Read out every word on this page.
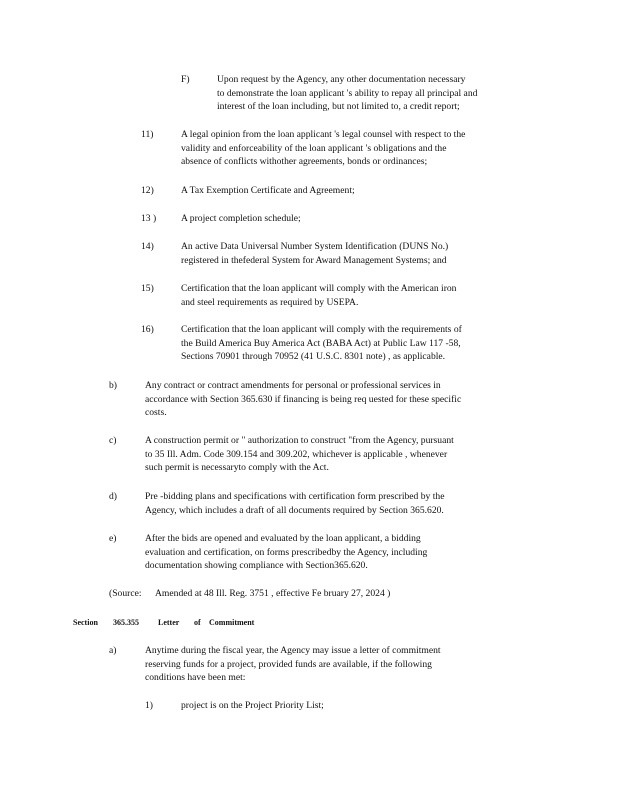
F)	Upon request by the Agency, any other documentation necessary
to demonstrate the loan applicant 's ability to repay all principal and
interest of the loan including, but not limited to, a credit report;
11)	A legal opinion from the loan applicant 's legal counsel with respect to the
validity and enforceability of the loan applicant 's obligations and the
absence of conflicts withother agreements, bonds or ordinances;
12)	A Tax Exemption Certificate and Agreement;
13 )	A project completion schedule;
14)	An active Data Universal Number System Identification (DUNS No.)
registered in thefederal System for Award Management Systems; and
15)	Certification that the loan applicant will comply with the American iron
and steel requirements as required by USEPA.
16)	Certification that the loan applicant will comply with the requirements of
the Build America Buy America Act (BABA Act) at Public Law 117 -58,
Sections 70901 through 70952 (41 U.S.C. 8301 note) , as applicable.
b)	Any contract or contract amendments for personal or professional services in
accordance with Section 365.630 if financing is being req uested for these specific
costs.
c)	A construction permit or " authorization to construct "from the Agency, pursuant
to 35 Ill. Adm. Code 309.154 and 309.202, whichever is applicable , whenever
such permit is necessaryto comply with the Act.
d)	Pre -bidding plans and specifications with certification form prescribed by the
Agency, which includes a draft of all documents required by Section 365.620.
e)	After the bids are opened and evaluated by the loan applicant, a bidding
evaluation and certification, on forms prescribedby the Agency, including
documentation showing compliance with Section365.620.
(Source: Amended at 48 Ill. Reg. 3751 , effective Fe bruary 27, 2024 )
Section 365.355 Letter of Commitment
a)	Anytime during the fiscal year, the Agency may issue a letter of commitment
reserving funds for a project, provided funds are available, if the following
conditions have been met:
1)	project is on the Project Priority List;
